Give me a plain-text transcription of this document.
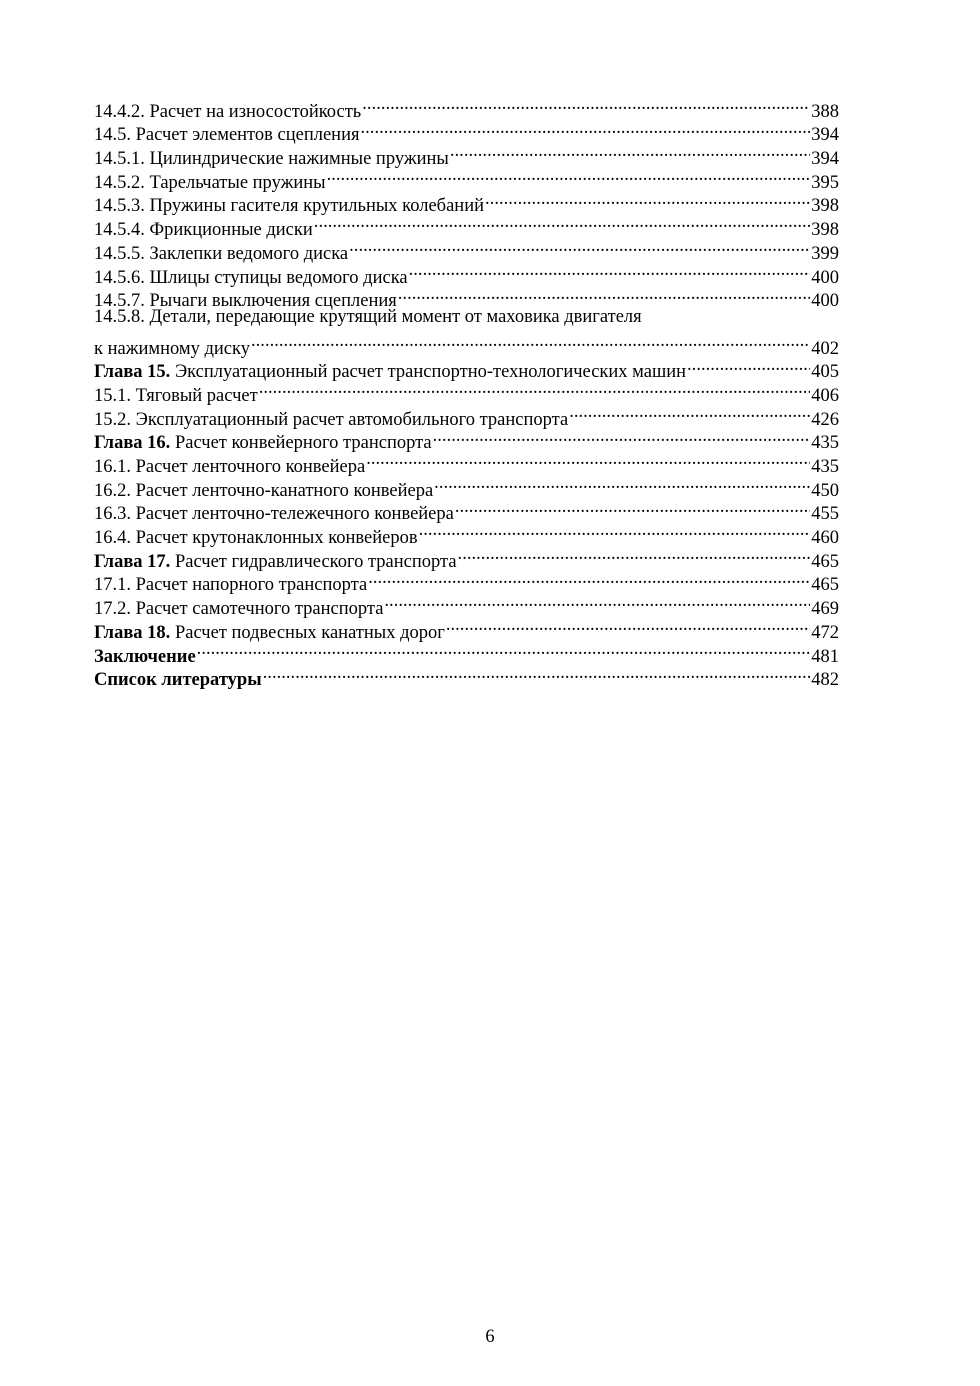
14.4.2. Расчет на износостойкость . . .	388
14.5. Расчет элементов сцепления . . .	394
14.5.1. Цилиндрические нажимные пружины . . .	394
14.5.2. Тарельчатые пружины . . .	395
14.5.3. Пружины гасителя крутильных колебаний . . .	398
14.5.4. Фрикционные диски . . .	398
14.5.5. Заклепки ведомого диска . . .	399
14.5.6. Шлицы ступицы ведомого диска . . .	400
14.5.7. Рычаги выключения сцепления . . .	400
14.5.8. Детали, передающие крутящий момент от маховика двигателя
к нажимному диску . . .	402
Глава 15. Эксплуатационный расчет транспортно-технологических машин . . .	405
15.1. Тяговый расчет . . .	406
15.2. Эксплуатационный расчет автомобильного транспорта . . .	426
Глава 16. Расчет конвейерного транспорта . . .	435
16.1. Расчет ленточного конвейера . . .	435
16.2. Расчет ленточно-канатного конвейера . . .	450
16.3. Расчет ленточно-тележечного конвейера . . .	455
16.4. Расчет крутонаклонных конвейеров . . .	460
Глава 17. Расчет гидравлического транспорта . . .	465
17.1. Расчет напорного транспорта . . .	465
17.2. Расчет самотечного транспорта . . .	469
Глава 18. Расчет подвесных канатных дорог . . .	472
Заключение . . .	481
Список литературы . . .	482
6
